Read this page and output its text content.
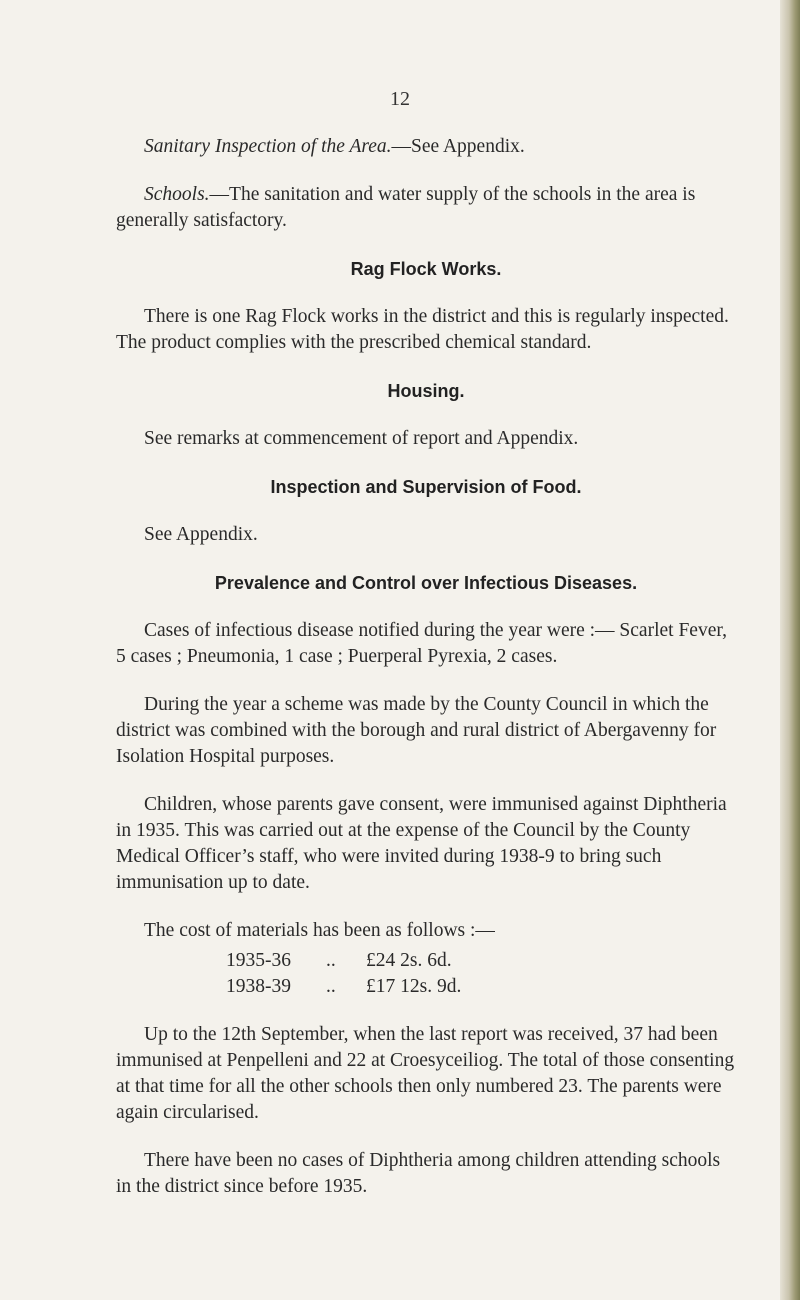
12

Sanitary Inspection of the Area.—See Appendix.

Schools.—The sanitation and water supply of the schools in the area is generally satisfactory.

Rag Flock Works.

There is one Rag Flock works in the district and this is regularly inspected. The product complies with the prescribed chemical standard.

Housing.

See remarks at commencement of report and Appendix.

Inspection and Supervision of Food.

See Appendix.

Prevalence and Control over Infectious Diseases.

Cases of infectious disease notified during the year were :— Scarlet Fever, 5 cases ; Pneumonia, 1 case ; Puerperal Pyrexia, 2 cases.

During the year a scheme was made by the County Council in which the district was combined with the borough and rural district of Abergavenny for Isolation Hospital purposes.

Children, whose parents gave consent, were immunised against Diphtheria in 1935. This was carried out at the expense of the Council by the County Medical Officer’s staff, who were invited during 1938-9 to bring such immunisation up to date.

The cost of materials has been as follows :—

1935-36	..	£24 2s. 6d.
1938-39	..	£17 12s. 9d.

Up to the 12th September, when the last report was received, 37 had been immunised at Penpelleni and 22 at Croesyceiliog. The total of those consenting at that time for all the other schools then only numbered 23. The parents were again circularised.

There have been no cases of Diphtheria among children attending schools in the district since before 1935.
